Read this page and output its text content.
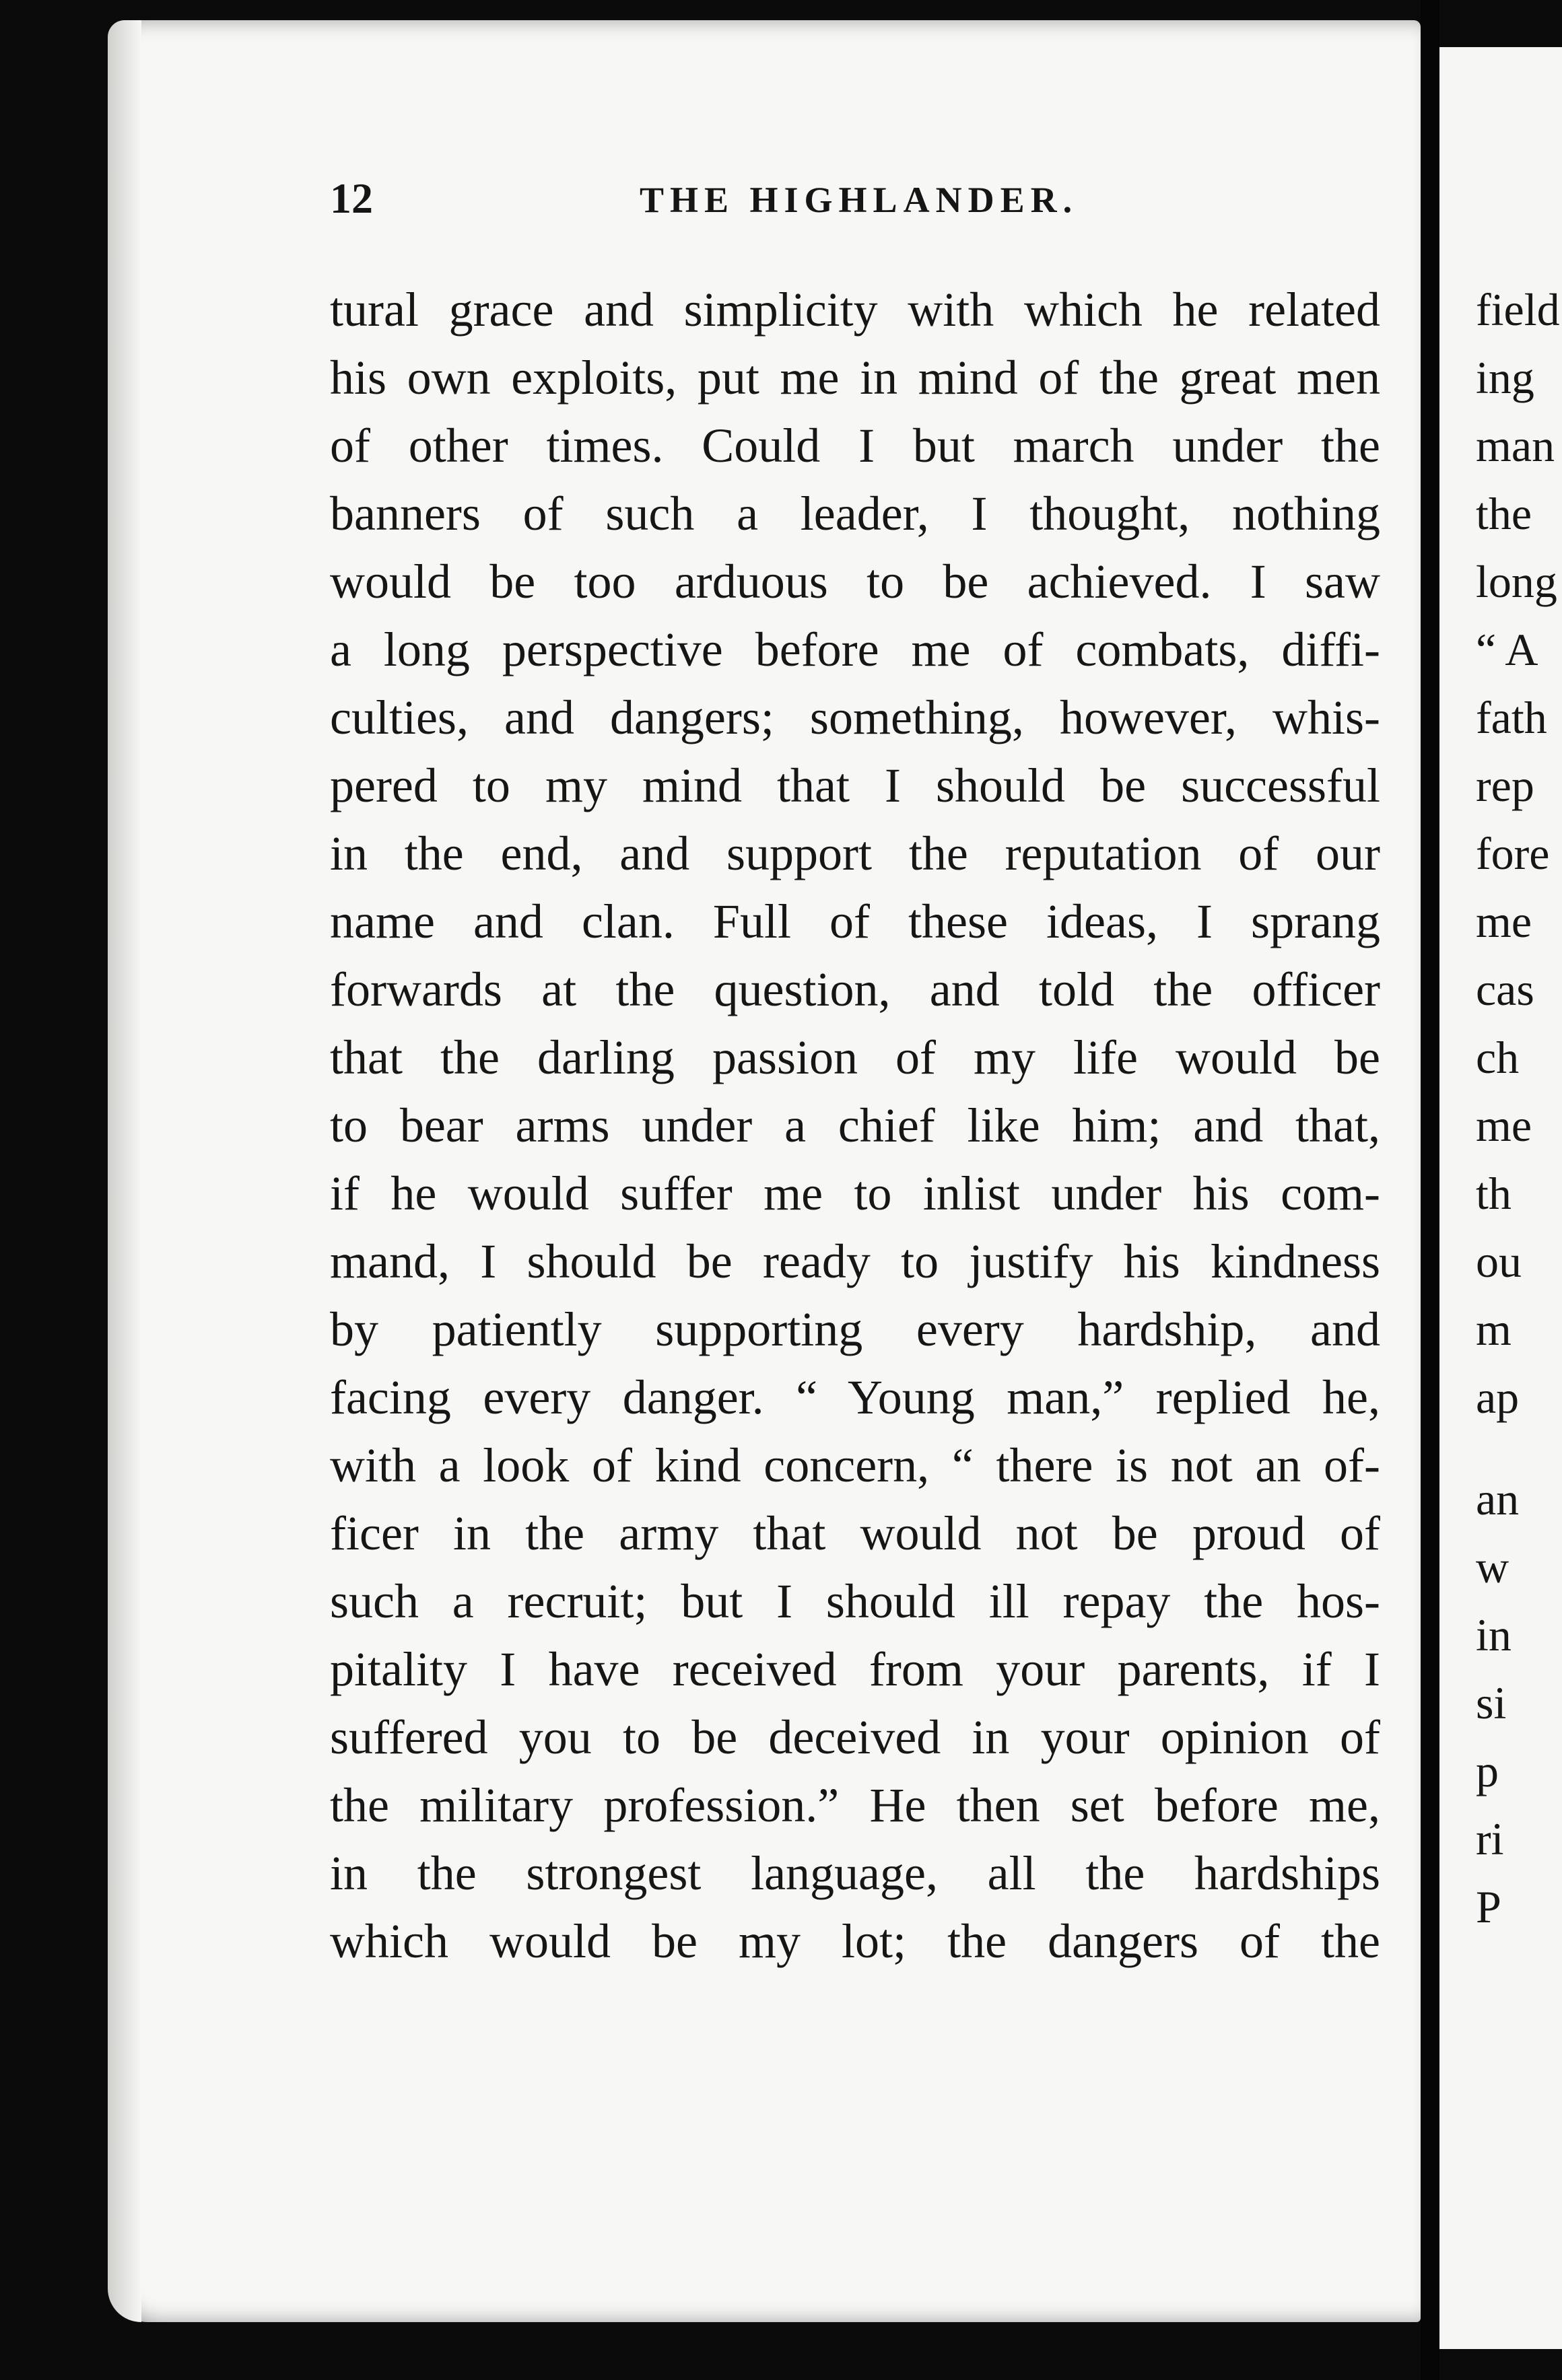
12	THE HIGHLANDER.
tural grace and simplicity with which he related
his own exploits, put me in mind of the great men
of other times. Could I but march under the
banners of such a leader, I thought, nothing
would be too arduous to be achieved. I saw
a long perspective before me of combats, diffi-
culties, and dangers; something, however, whis-
pered to my mind that I should be successful
in the end, and support the reputation of our
name and clan. Full of these ideas, I sprang
forwards at the question, and told the officer
that the darling passion of my life would be
to bear arms under a chief like him; and that,
if he would suffer me to inlist under his com-
mand, I should be ready to justify his kindness
by patiently supporting every hardship, and
facing every danger. “ Young man,” replied he,
with a look of kind concern, “ there is not an of-
ficer in the army that would not be proud of
such a recruit; but I should ill repay the hos-
pitality I have received from your parents, if I
suffered you to be deceived in your opinion of
the military profession.” He then set before me,
in the strongest language, all the hardships
which would be my lot; the dangers of the
field
ing
man
the
long
“ A
fath
rep
fore
me
cas
ch
me
th
ou
m
ap
an
w
in
si
p
ri
P
